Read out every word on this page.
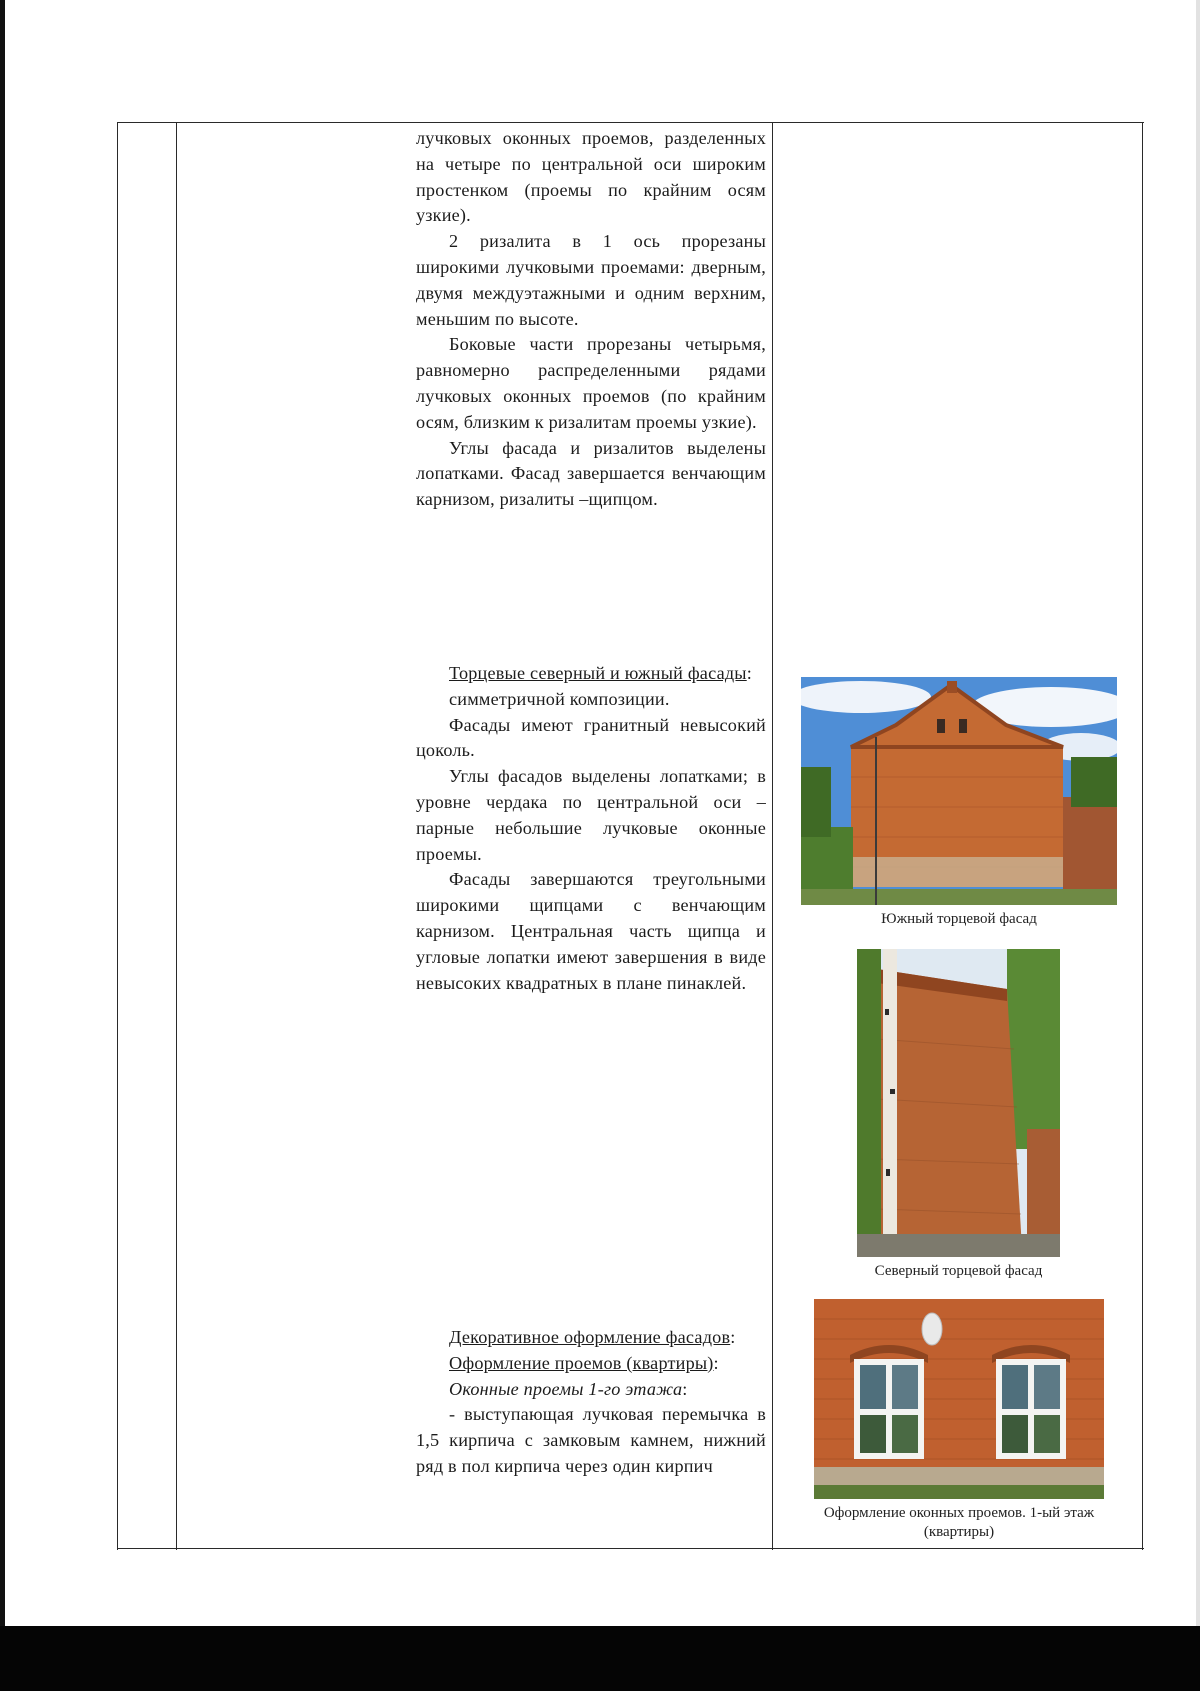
лучковых оконных проемов, разделенных на четыре по центральной оси широким простенком (проемы по крайним осям узкие).

2 ризалита в 1 ось прорезаны широкими лучковыми проемами: дверным, двумя междуэтажными и одним верхним, меньшим по высоте.

Боковые части прорезаны четырьмя, равномерно распределенными рядами лучковых оконных проемов (по крайним осям, близким к ризалитам проемы узкие).

Углы фасада и ризалитов выделены лопатками. Фасад завершается венчающим карнизом, ризалиты –щипцом.

Торцевые северный и южный фасады:

симметричной композиции.

Фасады имеют гранитный невысокий цоколь.

Углы фасадов выделены лопатками; в уровне чердака по центральной оси – парные небольшие лучковые оконные проемы.

Фасады завершаются треугольными широкими щипцами с венчающим карнизом. Центральная часть щипца и угловые лопатки имеют завершения в виде невысоких квадратных в плане пинаклей.

Декоративное оформление фасадов:

Оформление проемов (квартиры):

Оконные проемы 1-го этажа:

- выступающая лучковая перемычка в 1,5 кирпича с замковым камнем, нижний ряд в пол кирпича через один кирпич

Южный торцевой фасад
Северный торцевой фасад
Оформление оконных проемов. 1-ый этаж (квартиры)
